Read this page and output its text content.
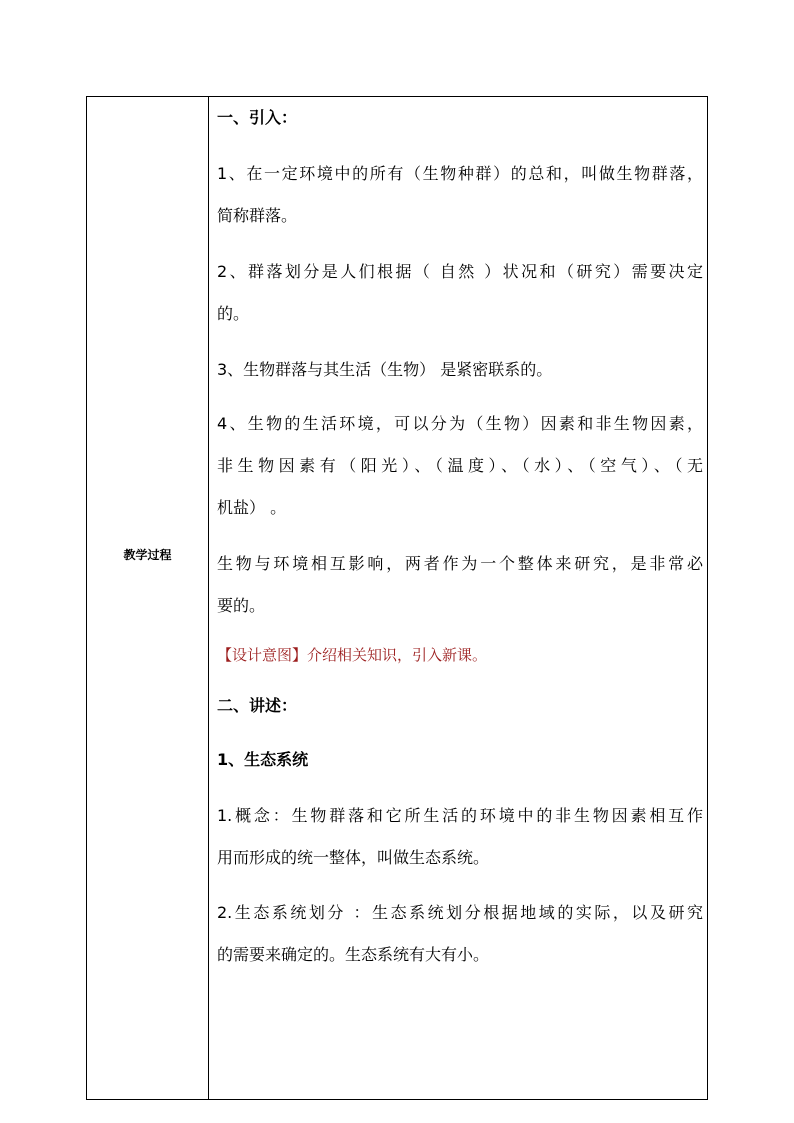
教学过程
一、引入：
1、在一定环境中的所有（生物种群）的总和，叫做生物群落，
简称群落。
2、群落划分是人们根据（ 自然 ）状况和（研究）需要决定
的。
3、生物群落与其生活（生物） 是紧密联系的。
4、生物的生活环境，可以分为（生物）因素和非生物因素，
非生物因素有（阳光）、（温度）、（水）、（空气）、（无
机盐） 。
生物与环境相互影响，两者作为一个整体来研究，是非常必
要的。
【设计意图】介绍相关知识，引入新课。
二、讲述：
1、生态系统
1.概念：生物群落和它所生活的环境中的非生物因素相互作
用而形成的统一整体，叫做生态系统。
2.生态系统划分 ：生态系统划分根据地域的实际，以及研究
的需要来确定的。生态系统有大有小。
